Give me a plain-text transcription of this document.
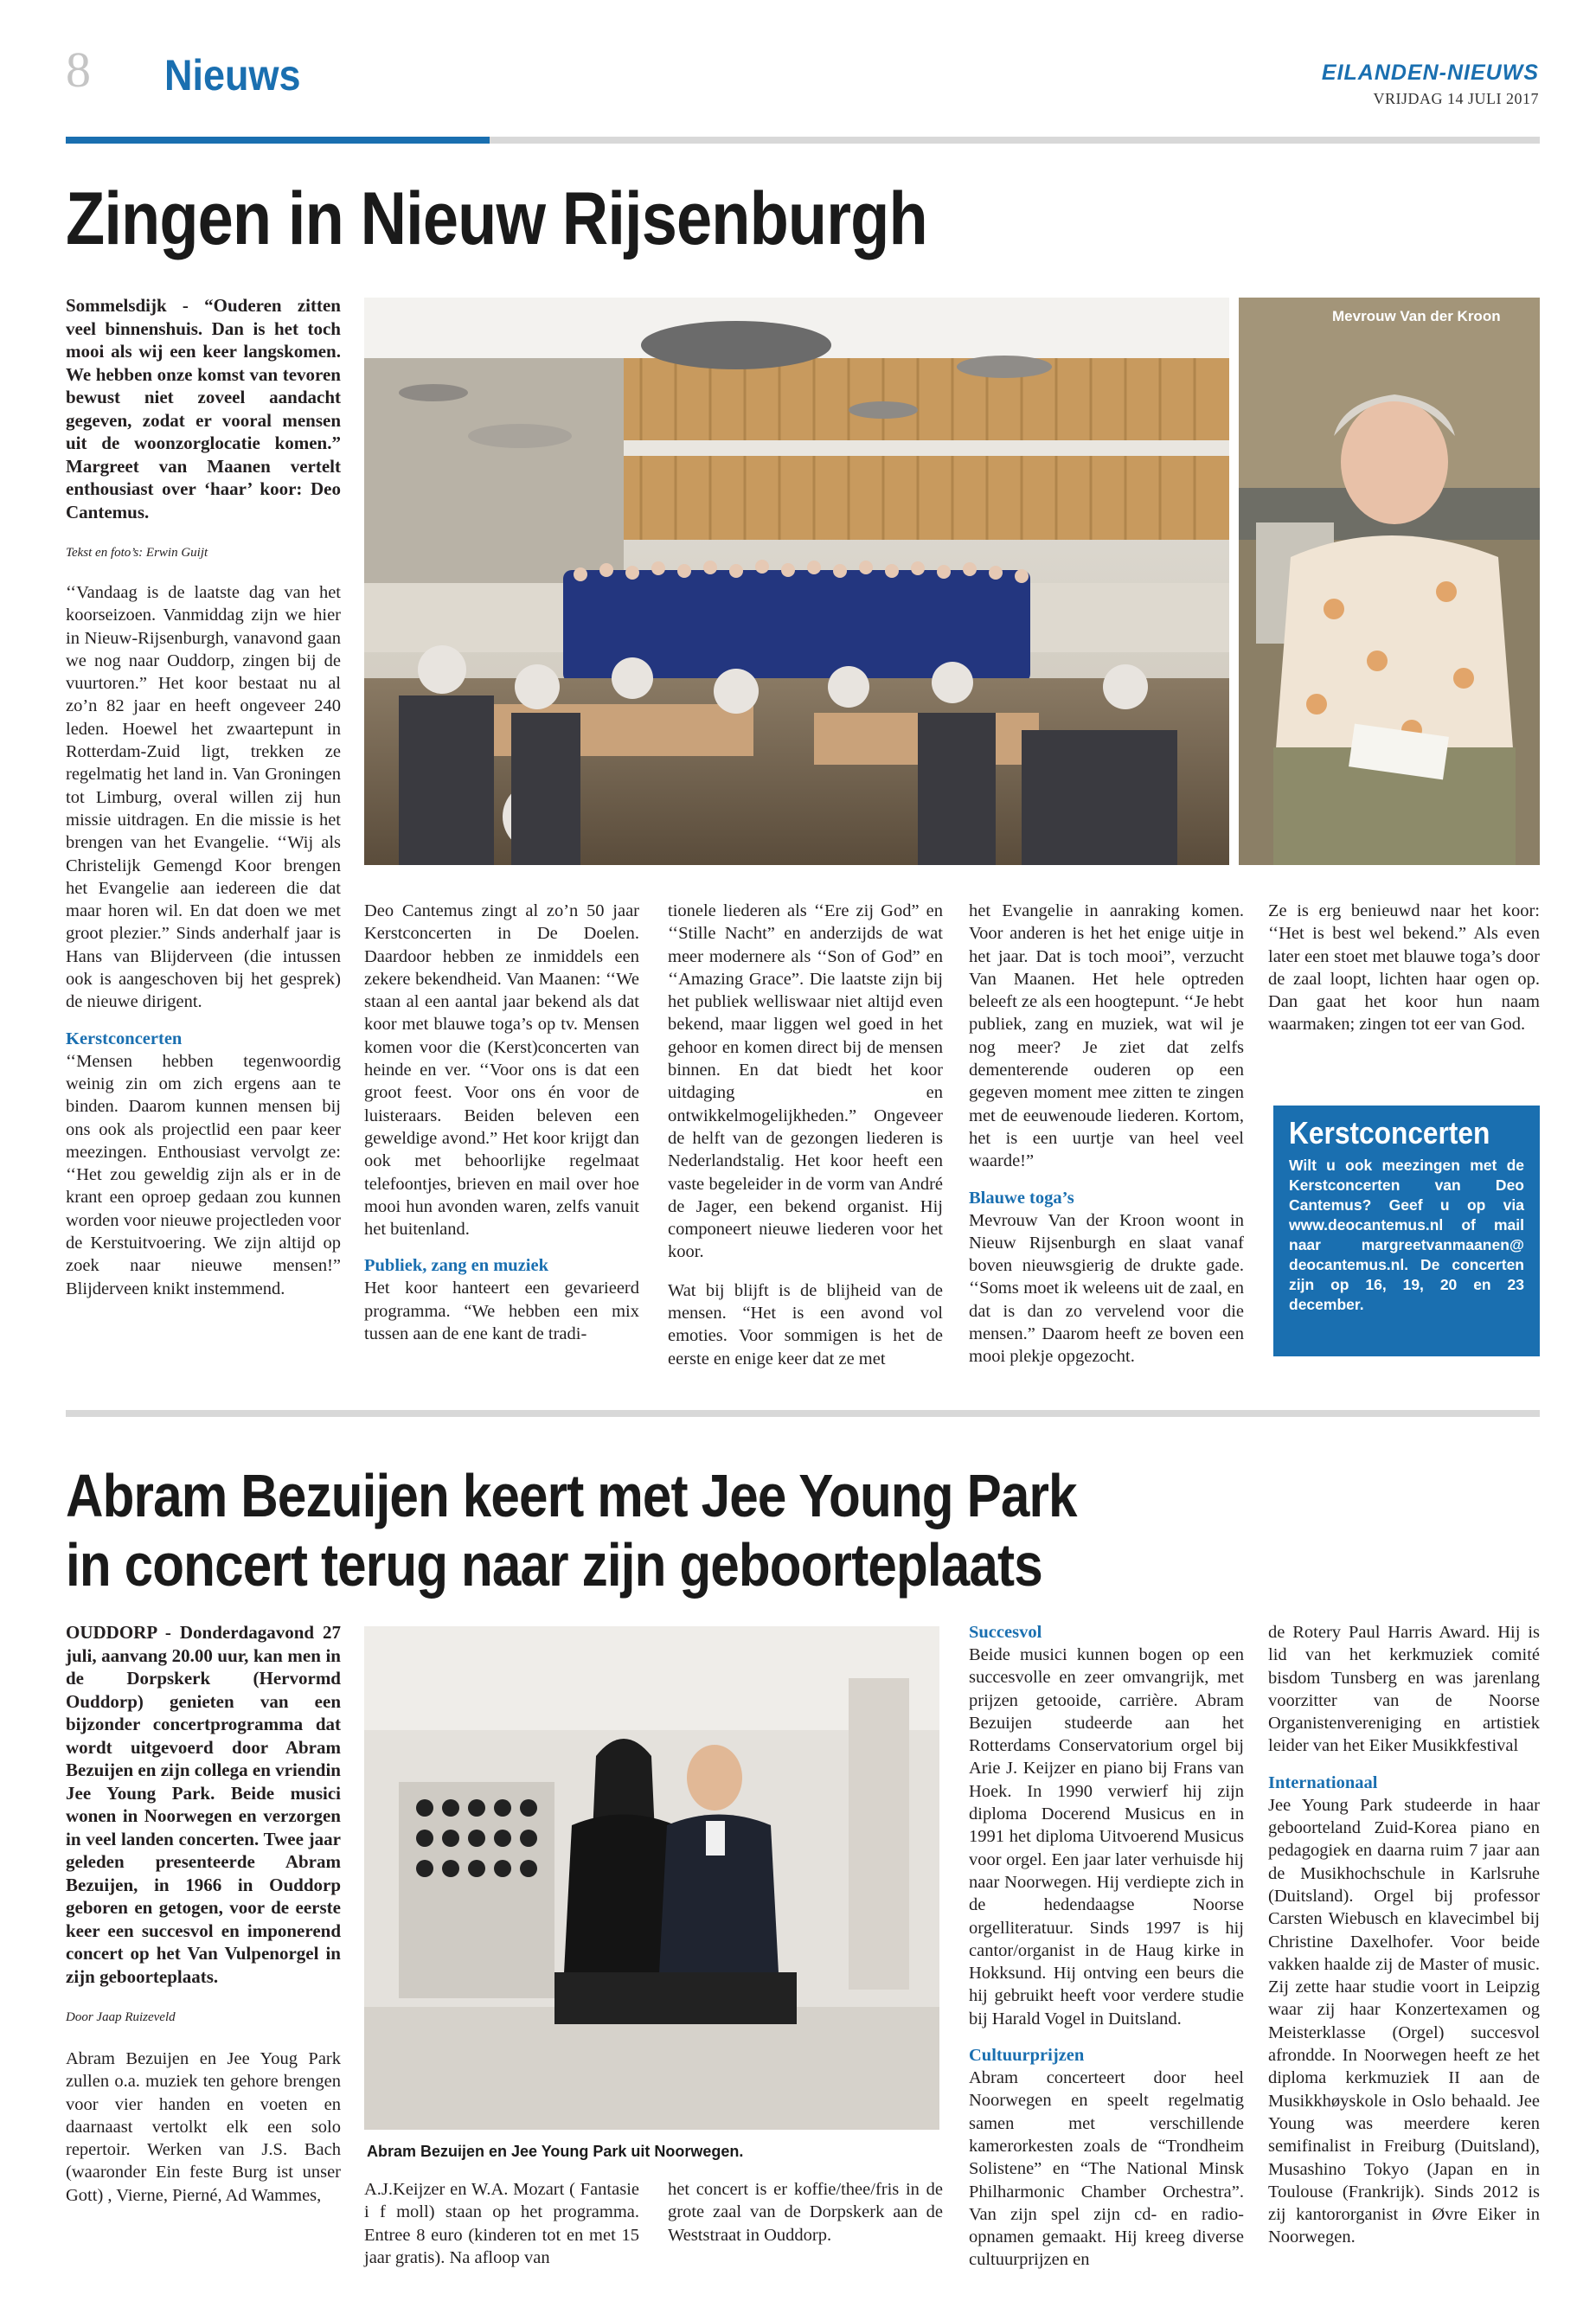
8 Nieuws	EILANDEN-NIEUWS
VRIJDAG 14 JULI 2017
Zingen in Nieuw Rijsenburgh
Sommelsdijk - “Ouderen zitten veel binnenshuis. Dan is het toch mooi als wij een keer langskomen. We hebben onze komst van tevoren bewust niet zoveel aandacht gegeven, zodat er vooral mensen uit de woonzorglocatie komen.” Margreet van Maanen vertelt enthousiast over ‘haar’ koor: Deo Cantemus.
Tekst en foto’s: Erwin Guijt

‘‘Vandaag is de laatste dag van het koorseizoen. Vanmiddag zijn we hier in Nieuw-Rijsenburgh, vanavond gaan we nog naar Ouddorp, zingen bij de vuurtoren.” Het koor bestaat nu al zo’n 82 jaar en heeft ongeveer 240 leden. Hoewel het zwaartepunt in Rotterdam-Zuid ligt, trekken ze regelmatig het land in. Van Groningen tot Limburg, overal willen zij hun missie uitdragen. En die missie is het brengen van het Evangelie. ‘‘Wij als Christelijk Gemengd Koor brengen het Evangelie aan iedereen die dat maar horen wil. En dat doen we met groot plezier.” Sinds anderhalf jaar is Hans van Blijderveen (die intussen ook is aangeschoven bij het gesprek) de nieuwe dirigent.

Kerstconcerten

‘‘Mensen hebben tegenwoordig weinig zin om zich ergens aan te binden. Daarom kunnen mensen bij ons ook als projectlid een paar keer meezingen. Enthousiast vervolgt ze: ‘‘Het zou geweldig zijn als er in de krant een oproep gedaan zou kunnen worden voor nieuwe projectleden voor de Kerstuitvoering. We zijn altijd op zoek naar nieuwe mensen!” Blijderveen knikt instemmend.

Mevrouw Van der Kroon

Deo Cantemus zingt al zo’n 50 jaar Kerstconcerten in De Doelen. Daardoor hebben ze inmiddels een zekere bekendheid. Van Maanen: ‘‘We staan al een aantal jaar bekend als dat koor met blauwe toga’s op tv. Mensen komen voor die (Kerst)concerten van heinde en ver. ‘‘Voor ons is dat een groot feest. Voor ons én voor de luisteraars. Beiden beleven een geweldige avond.” Het koor krijgt dan ook met behoorlijke regelmaat telefoontjes, brieven en mail over hoe mooi hun avonden waren, zelfs vanuit het buitenland.

Publiek, zang en muziek

Het koor hanteert een gevarieerd programma. “We hebben een mix tussen aan de ene kant de tradi-

tionele liederen als ‘‘Ere zij God” en ‘‘Stille Nacht” en anderzijds de wat meer modernere als ‘‘Son of God” en ‘‘Amazing Grace”. Die laatste zijn bij het publiek welliswaar niet altijd even bekend, maar liggen wel goed in het gehoor en komen direct bij de mensen binnen. En dat biedt het koor uitdaging en ontwikkelmogelijkheden.” Ongeveer de helft van de gezongen liederen is Nederlandstalig. Het koor heeft een vaste begeleider in de vorm van André de Jager, een bekend organist. Hij componeert nieuwe liederen voor het koor.

Wat bij blijft is de blijheid van de mensen. “Het is een avond vol emoties. Voor sommigen is het de eerste en enige keer dat ze met

het Evangelie in aanraking komen. Voor anderen is het het enige uitje in het jaar. Dat is toch mooi”, verzucht Van Maanen. Het hele optreden beleeft ze als een hoogtepunt. ‘‘Je hebt publiek, zang en muziek, wat wil je nog meer? Je ziet dat zelfs dementerende ouderen op een gegeven moment mee zitten te zingen met de eeuwenoude liederen. Kortom, het is een uurtje van heel veel waarde!”

Blauwe toga’s

Mevrouw Van der Kroon woont in Nieuw Rijsenburgh en slaat vanaf boven nieuwsgierig de drukte gade. ‘‘Soms moet ik weleens uit de zaal, en dat is dan zo vervelend voor die mensen.” Daarom heeft ze boven een mooi plekje opgezocht.

Ze is erg benieuwd naar het koor: ‘‘Het is best wel bekend.” Als even later een stoet met blauwe toga’s door de zaal loopt, lichten haar ogen op. Dan gaat het koor hun naam waarmaken; zingen tot eer van God.

Kerstconcerten

Wilt u ook meezingen met de Kerstconcerten van Deo Cantemus? Geef u op via www.deocantemus.nl of mail naar margreetvanmaanen@ deocantemus.nl. De concerten zijn op 16, 19, 20 en 23 december.

Abram Bezuijen keert met Jee Young Park
in concert terug naar zijn geboorteplaats
OUDDORP - Donderdagavond 27 juli, aanvang 20.00 uur, kan men in de Dorpskerk (Hervormd Ouddorp) genieten van een bijzonder concertprogramma dat wordt uitgevoerd door Abram Bezuijen en zijn collega en vriendin Jee Young Park. Beide musici wonen in Noorwegen en verzorgen in veel landen concerten. Twee jaar geleden presenteerde Abram Bezuijen, in 1966 in Ouddorp geboren en getogen, voor de eerste keer een succesvol en imponerend concert op het Van Vulpenorgel in zijn geboorteplaats.
Door Jaap Ruizeveld

Abram Bezuijen en Jee Youg Park zullen o.a. muziek ten gehore brengen voor vier handen en voeten en daarnaast vertolkt elk een solo repertoir. Werken van J.S. Bach (waaronder Ein feste Burg ist unser Gott) , Vierne, Pierné, Ad Wammes,

Abram Bezuijen en Jee Young Park uit Noorwegen.

A.J.Keijzer en W.A. Mozart ( Fantasie i f moll) staan op het programma. Entree 8 euro (kinderen tot en met 15 jaar gratis). Na afloop van

het concert is er koffie/thee/fris in de grote zaal van de Dorpskerk aan de Weststraat in Ouddorp.

Succesvol

Beide musici kunnen bogen op een succesvolle en zeer omvangrijk, met prijzen getooide, carrière. Abram Bezuijen studeerde aan het Rotterdams Conservatorium orgel bij Arie J. Keijzer en piano bij Frans van Hoek. In 1990 verwierf hij zijn diploma Docerend Musicus en in 1991 het diploma Uitvoerend Musicus voor orgel. Een jaar later verhuisde hij naar Noorwegen. Hij verdiepte zich in de hedendaagse Noorse orgelliteratuur. Sinds 1997 is hij cantor/organist in de Haug kirke in Hokksund. Hij ontving een beurs die hij gebruikt heeft voor verdere studie bij Harald Vogel in Duitsland.

Cultuurprijzen

Abram concerteert door heel Noorwegen en speelt regelmatig samen met verschillende kamerorkesten zoals de “Trondheim Solistene” en “The National Minsk Philharmonic Chamber Orchestra”. Van zijn spel zijn cd- en radio-opnamen gemaakt. Hij kreeg diverse cultuurprijzen en

de Rotery Paul Harris Award. Hij is lid van het kerkmuziek comité bisdom Tunsberg en was jarenlang voorzitter van de Noorse Organistenvereniging en artistiek leider van het Eiker Musikkfestival

Internationaal

Jee Young Park studeerde in haar geboorteland Zuid-Korea piano en pedagogiek en daarna ruim 7 jaar aan de Musikhochschule in Karlsruhe (Duitsland). Orgel bij professor Carsten Wiebusch en klavecimbel bij Christine Daxelhofer. Voor beide vakken haalde zij de Master of music. Zij zette haar studie voort in Leipzig waar zij haar Konzertexamen og Meisterklasse (Orgel) succesvol afrondde. In Noorwegen heeft ze het diploma kerkmuziek II aan de Musikkhøyskole in Oslo behaald. Jee Young was meerdere keren semifinalist in Freiburg (Duitsland), Musashino Tokyo (Japan en in Toulouse (Frankrijk). Sinds 2012 is zij kantororganist in Øvre Eiker in Noorwegen.
